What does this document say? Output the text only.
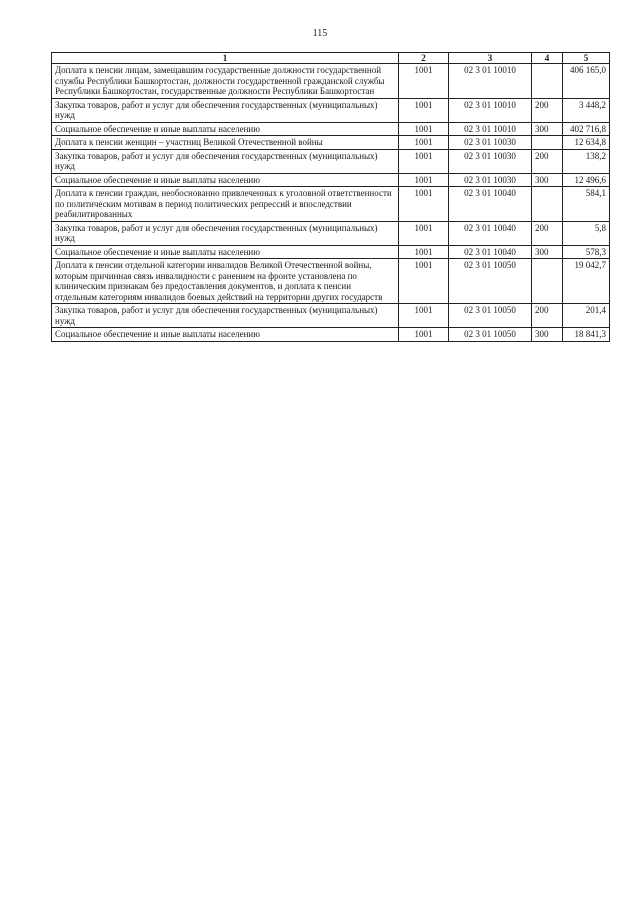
115
1	2	3	4	5
Доплата к пенсии лицам, замещавшим государственные должности государственной службы Республики Башкортостан, должности государственной гражданской службы Республики Башкортостан, государственные должности Республики Башкортостан	1001	02 3 01 10010		406 165,0
Закупка товаров, работ и услуг для обеспечения государственных (муниципальных) нужд	1001	02 3 01 10010	200	3 448,2
Социальное обеспечение и иные выплаты населению	1001	02 3 01 10010	300	402 716,8
Доплата к пенсии женщин – участниц Великой Отечественной войны	1001	02 3 01 10030		12 634,8
Закупка товаров, работ и услуг для обеспечения государственных (муниципальных) нужд	1001	02 3 01 10030	200	138,2
Социальное обеспечение и иные выплаты населению	1001	02 3 01 10030	300	12 496,6
Доплата к пенсии граждан, необоснованно привлеченных к уголовной ответственности по политическим мотивам в период политических репрессий и впоследствии реабилитированных	1001	02 3 01 10040		584,1
Закупка товаров, работ и услуг для обеспечения государственных (муниципальных) нужд	1001	02 3 01 10040	200	5,8
Социальное обеспечение и иные выплаты населению	1001	02 3 01 10040	300	578,3
Доплата к пенсии отдельной категории инвалидов Великой Отечественной войны, которым причинная связь инвалидности с ранением на фронте установлена по клиническим признакам без предоставления документов, и доплата к пенсии отдельным категориям инвалидов боевых действий на территории других государств	1001	02 3 01 10050		19 042,7
Закупка товаров, работ и услуг для обеспечения государственных (муниципальных) нужд	1001	02 3 01 10050	200	201,4
Социальное обеспечение и иные выплаты населению	1001	02 3 01 10050	300	18 841,3
